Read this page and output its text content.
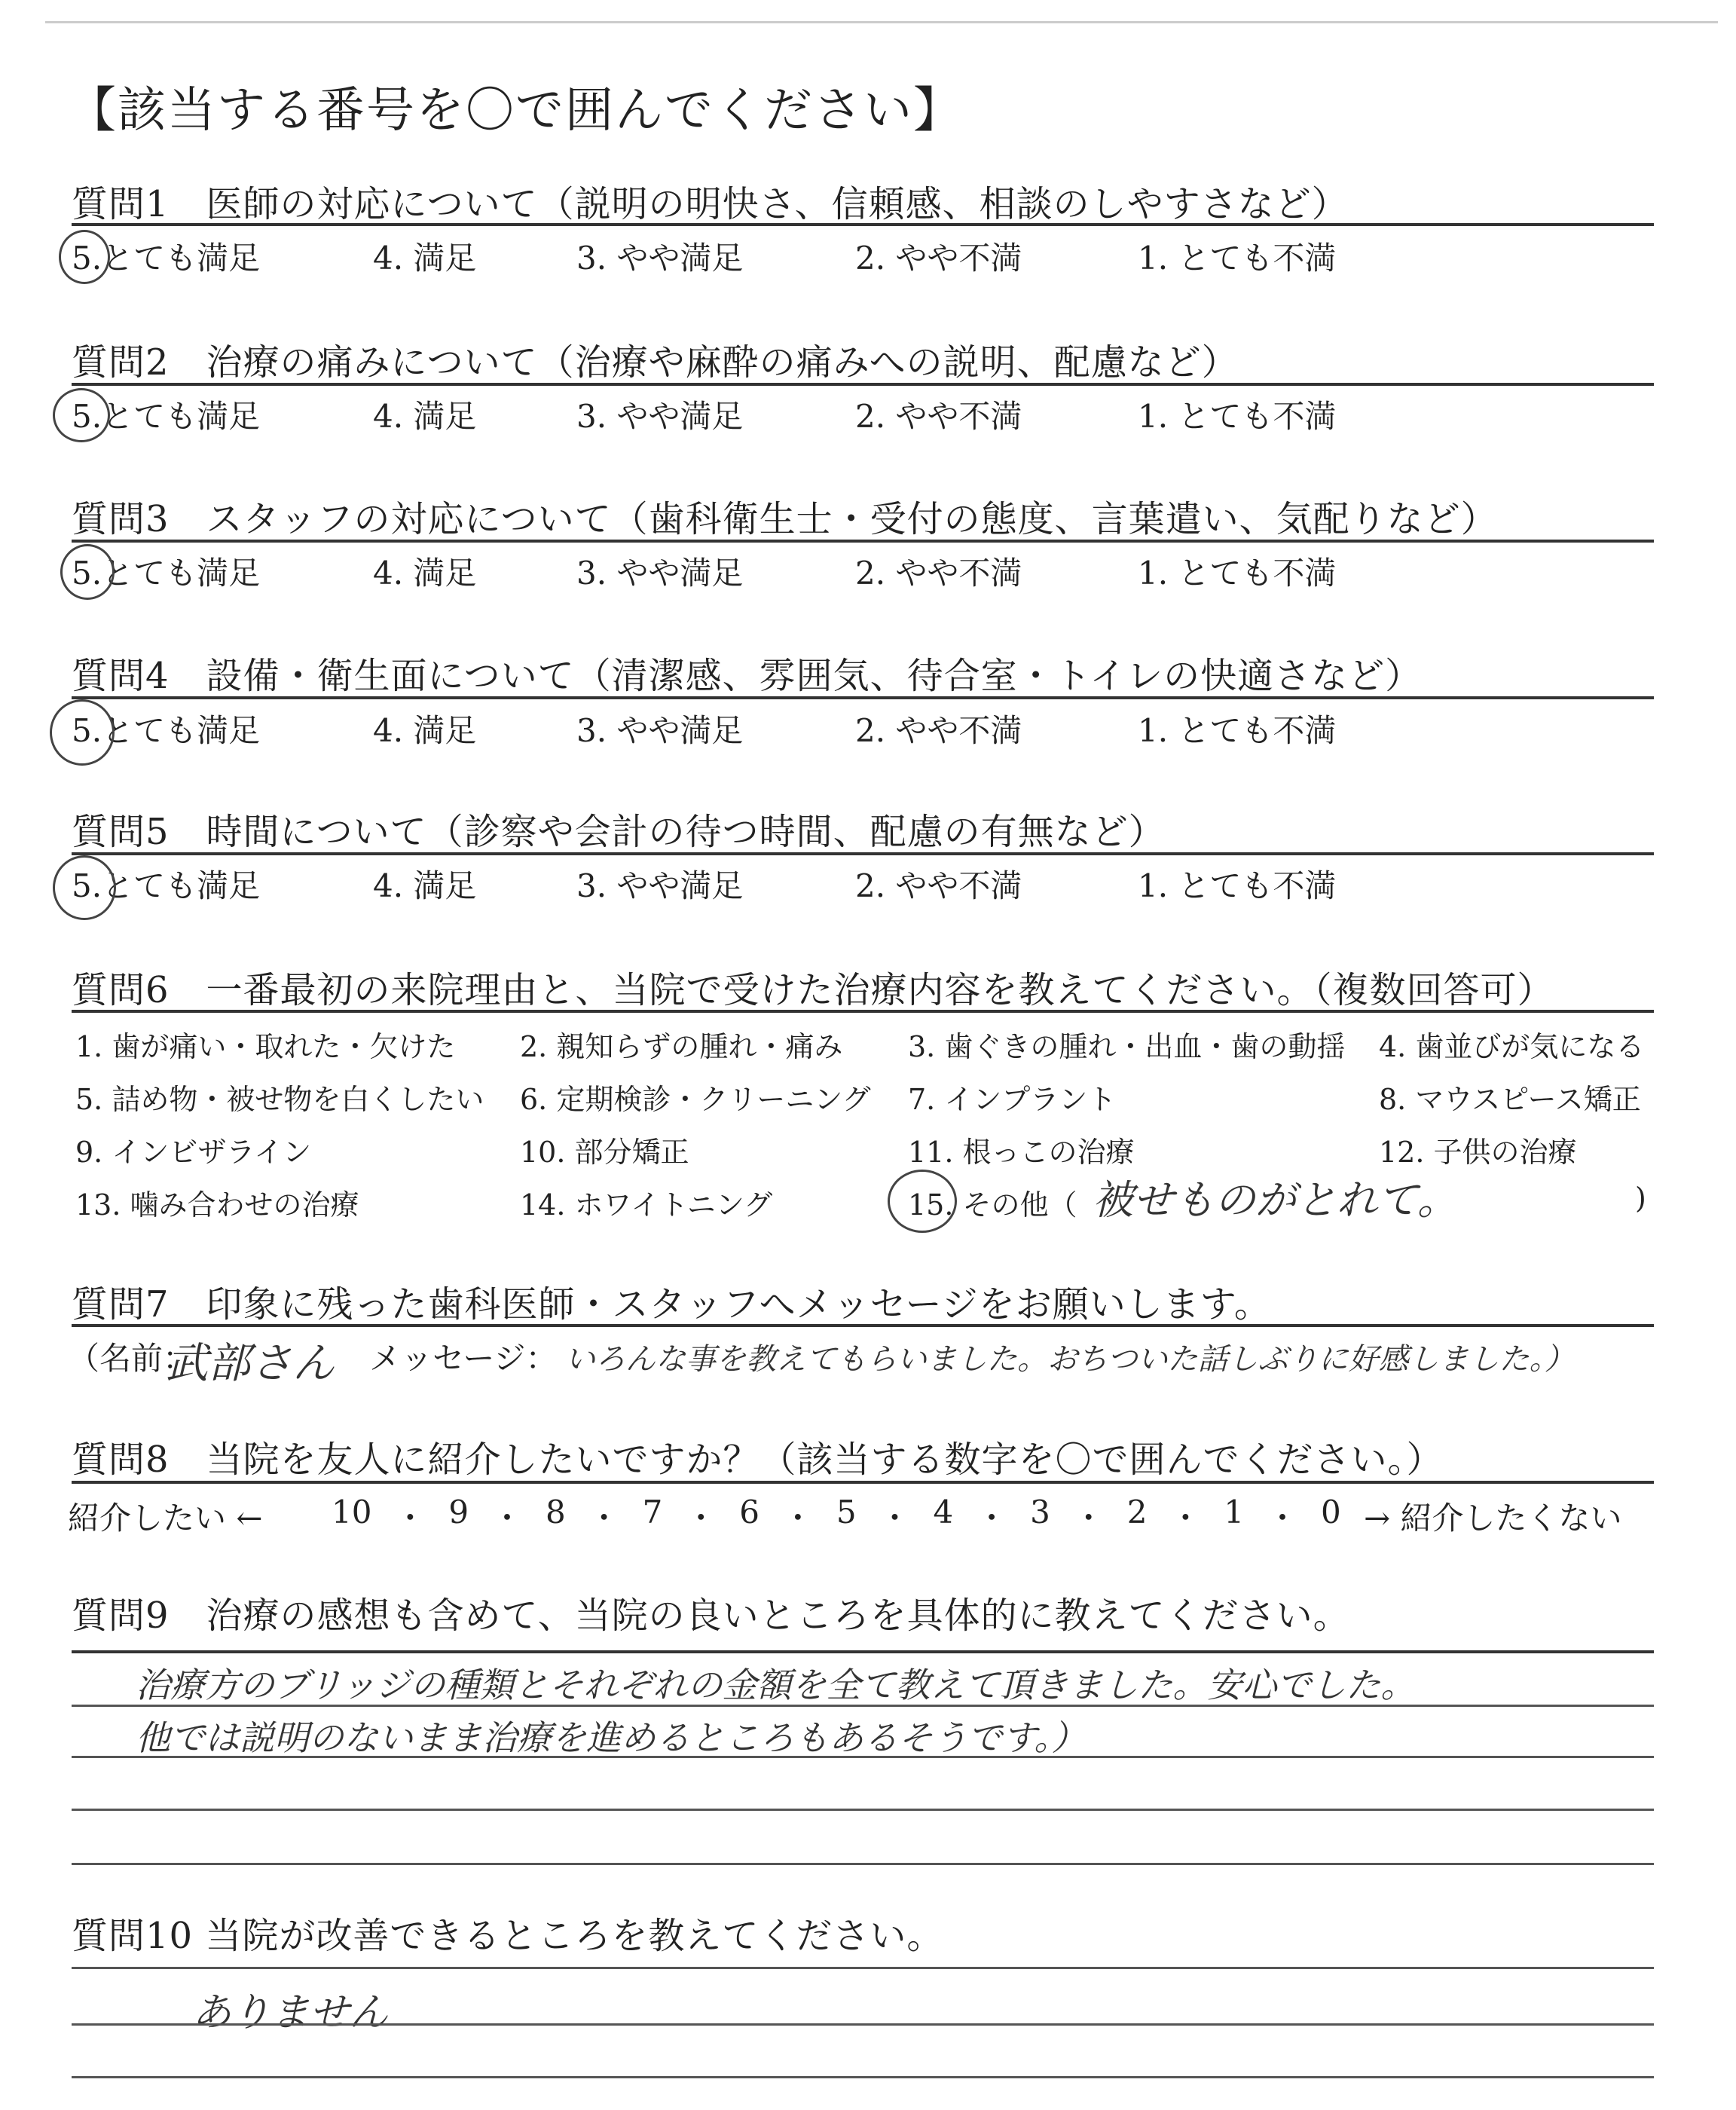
【該当する番号を〇で囲んでください】
質問1　医師の対応について（説明の明快さ、信頼感、相談のしやすさなど）
5.とても満足	4. 満足	3. やや満足	2. やや不満	1. とても不満
質問2　治療の痛みについて（治療や麻酔の痛みへの説明、配慮など）
5.とても満足	4. 満足	3. やや満足	2. やや不満	1. とても不満
質問3　スタッフの対応について（歯科衛生士・受付の態度、言葉遣い、気配りなど）
5.とても満足	4. 満足	3. やや満足	2. やや不満	1. とても不満
質問4　設備・衛生面について（清潔感、雰囲気、待合室・トイレの快適さなど）
5.とても満足	4. 満足	3. やや満足	2. やや不満	1. とても不満
質問5　時間について（診察や会計の待つ時間、配慮の有無など）
5.とても満足	4. 満足	3. やや満足	2. やや不満	1. とても不満
質問6　一番最初の来院理由と、当院で受けた治療内容を教えてください。（複数回答可）
1. 歯が痛い・取れた・欠けた 2. 親知らずの腫れ・痛み 3. 歯ぐきの腫れ・出血・歯の動揺 4. 歯並びが気になる
5. 詰め物・被せ物を白くしたい 6. 定期検診・クリーニング 7. インプラント	8. マウスピース矯正
9. インビザライン	10. 部分矯正	11. 根っこの治療	12. 子供の治療
13. 噛み合わせの治療	14. ホワイトニング	15. その他（ 被せものがとれて。	)
質問7　印象に残った歯科医師・スタッフへメッセージをお願いします。
（名前：
武部さん メッセージ： いろんな事を教えてもらいました。おちついた話しぶりに好感しました。）
質問8　当院を友人に紹介したいですか？（該当する数字を〇で囲んでください。）
紹介したい ← 10 ・ 9 ・ 8 ・ 7 ・ 6 ・ 5 ・ 4 ・ 3 ・ 2 ・ 1 ・ 0 → 紹介したくない
質問9　治療の感想も含めて、当院の良いところを具体的に教えてください。
治療方のブリッジの種類とそれぞれの金額を全て教えて頂きました。安心でした。
他では説明のないまま治療を進めるところもあるそうです。）
質問10 当院が改善できるところを教えてください。
ありません
